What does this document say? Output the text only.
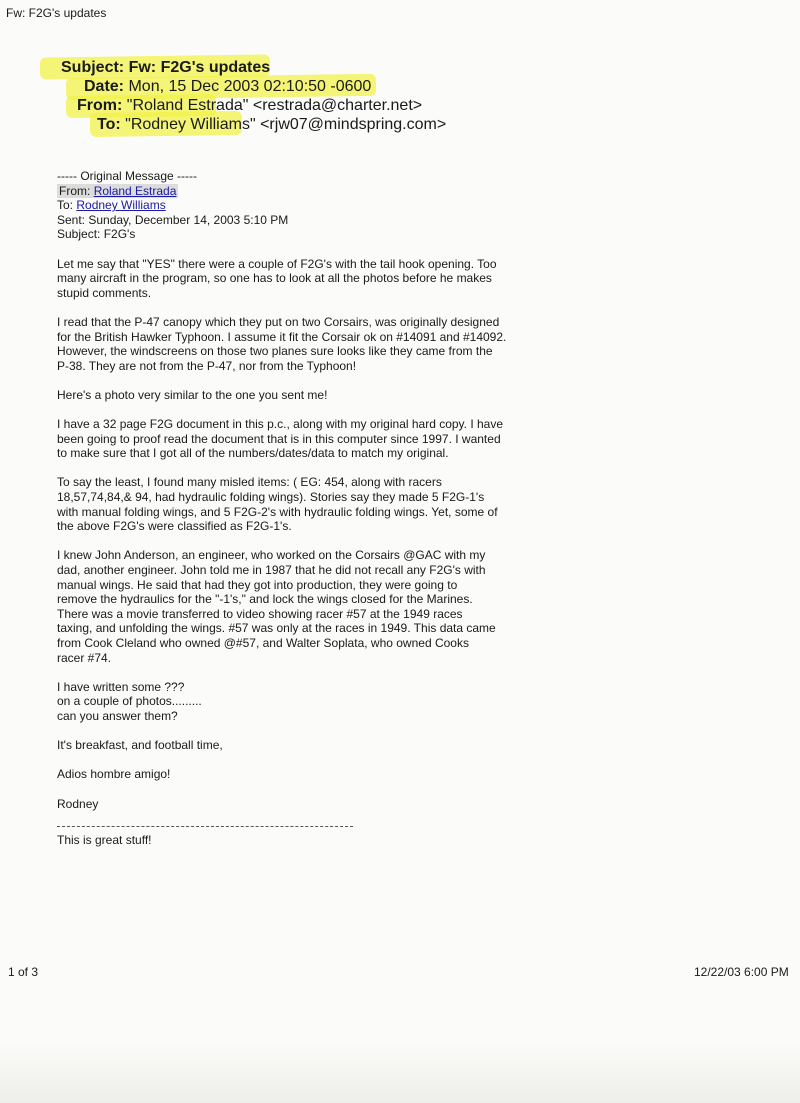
Fw: F2G's updates
Subject: Fw: F2G's updates
Date: Mon, 15 Dec 2003 02:10:50 -0600
From: "Roland Estrada" <restrada@charter.net>
To: "Rodney Williams" <rjw07@mindspring.com>

----- Original Message -----
From: Roland Estrada
To: Rodney Williams
Sent: Sunday, December 14, 2003 5:10 PM
Subject: F2G's

Let me say that "YES" there were a couple of F2G's with the tail hook opening. Too many aircraft in the program, so one has to look at all the photos before he makes stupid comments.

I read that the P-47 canopy which they put on two Corsairs, was originally designed for the British Hawker Typhoon. I assume it fit the Corsair ok on #14091 and #14092. However, the windscreens on those two planes sure looks like they came from the P-38. They are not from the P-47, nor from the Typhoon!

Here's a photo very similar to the one you sent me!

I have a 32 page F2G document in this p.c., along with my original hard copy. I have been going to proof read the document that is in this computer since 1997. I wanted to make sure that I got all of the numbers/dates/data to match my original.

To say the least, I found many misled items: ( EG: 454, along with racers 18,57,74,84,& 94, had hydraulic folding wings). Stories say they made 5 F2G-1's with manual folding wings, and 5 F2G-2's with hydraulic folding wings. Yet, some of the above F2G's were classified as F2G-1's.

I knew John Anderson, an engineer, who worked on the Corsairs @GAC with my dad, another engineer. John told me in 1987 that he did not recall any F2G's with manual wings. He said that had they got into production, they were going to remove the hydraulics for the "-1's," and lock the wings closed for the Marines. There was a movie transferred to video showing racer #57 at the 1949 races taxing, and unfolding the wings. #57 was only at the races in 1949. This data came from Cook Cleland who owned @#57, and Walter Soplata, who owned Cooks racer #74.

I have written some ???
on a couple of photos.........
can you answer them?

It's breakfast, and football time,

Adios hombre amigo!

Rodney

This is great stuff!
1 of 3	12/22/03 6:00 PM
